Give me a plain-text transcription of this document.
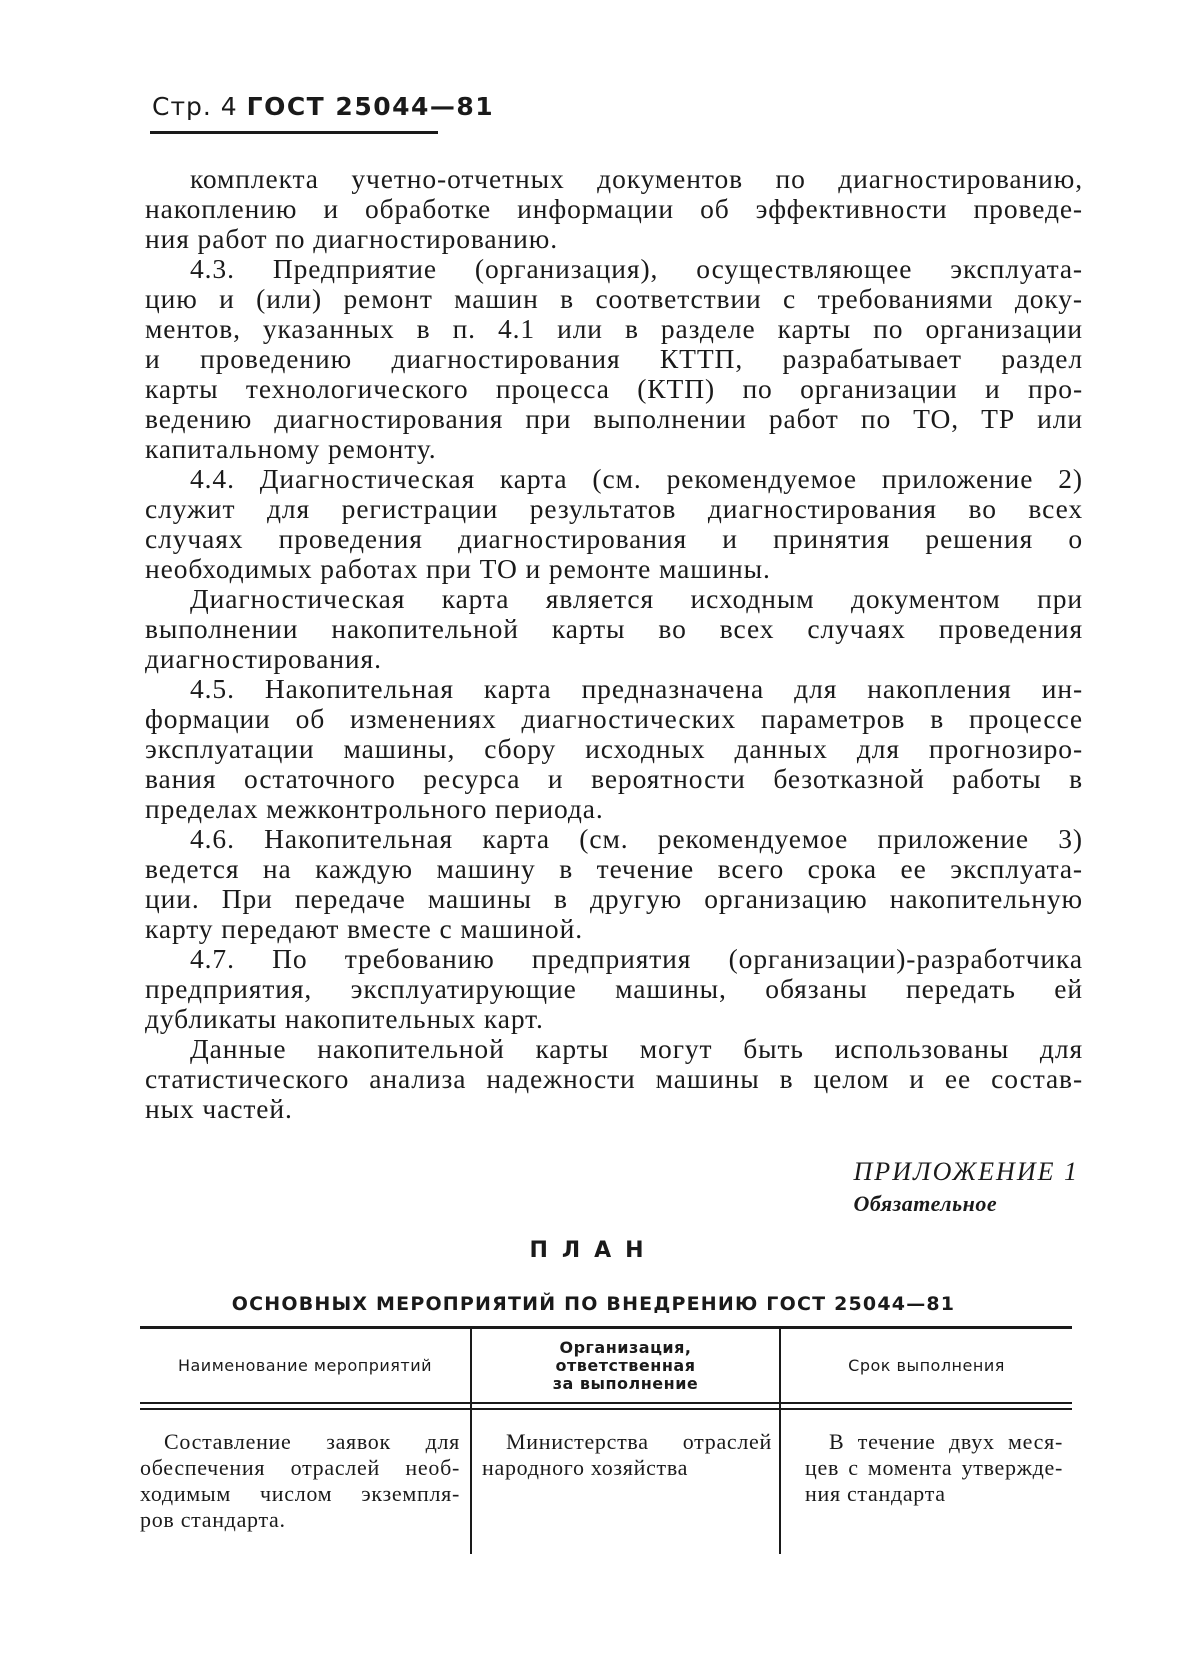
Стр. 4 ГОСТ 25044—81
комплекта учетно-отчетных документов по диагностированию,
накоплению и обработке информации об эффективности проведе-
ния работ по диагностированию.
4.3. Предприятие (организация), осуществляющее эксплуата-
цию и (или) ремонт машин в соответствии с требованиями доку-
ментов, указанных в п. 4.1 или в разделе карты по организации
и проведению диагностирования КТТП, разрабатывает раздел
карты технологического процесса (КТП) по организации и про-
ведению диагностирования при выполнении работ по ТО, ТР или
капитальному ремонту.
4.4. Диагностическая карта (см. рекомендуемое приложение 2)
служит для регистрации результатов диагностирования во всех
случаях проведения диагностирования и принятия решения о
необходимых работах при ТО и ремонте машины.
Диагностическая карта является исходным документом при
выполнении накопительной карты во всех случаях проведения
диагностирования.
4.5. Накопительная карта предназначена для накопления ин-
формации об изменениях диагностических параметров в процессе
эксплуатации машины, сбору исходных данных для прогнозиро-
вания остаточного ресурса и вероятности безотказной работы в
пределах межконтрольного периода.
4.6. Накопительная карта (см. рекомендуемое приложение 3)
ведется на каждую машину в течение всего срока ее эксплуата-
ции. При передаче машины в другую организацию накопительную
карту передают вместе с машиной.
4.7. По требованию предприятия (организации)-разработчика
предприятия, эксплуатирующие машины, обязаны передать ей
дубликаты накопительных карт.
Данные накопительной карты могут быть использованы для
статистического анализа надежности машины в целом и ее состав-
ных частей.
ПРИЛОЖЕНИЕ 1
Обязательное
ПЛАН
ОСНОВНЫХ МЕРОПРИЯТИЙ ПО ВНЕДРЕНИЮ ГОСТ 25044—81
Наименование мероприятий
Организация, ответственная за выполнение
Срок выполнения
Составление заявок для
обеспечения отраслей необ-
ходимым числом экземпля-
ров стандарта.
Министерства отраслей
народного хозяйства
В течение двух меся-
цев с момента утвержде-
ния стандарта
